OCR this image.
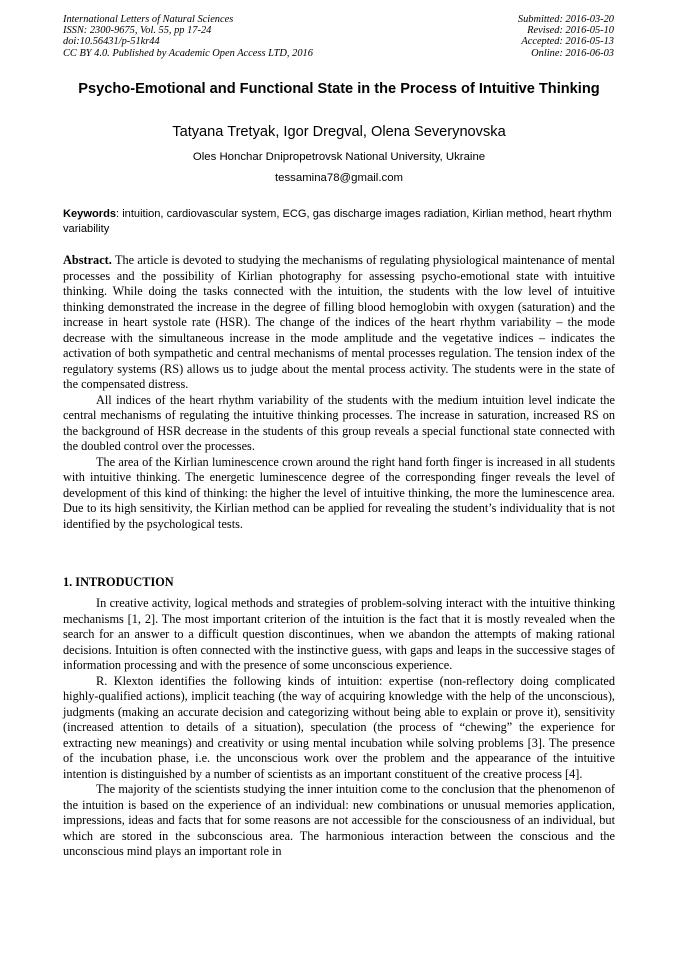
International Letters of Natural Sciences
ISSN: 2300-9675, Vol. 55, pp 17-24
doi:10.56431/p-51kr44
CC BY 4.0. Published by Academic Open Access LTD, 2016
Submitted: 2016-03-20
Revised: 2016-05-10
Accepted: 2016-05-13
Online: 2016-06-03
Psycho-Emotional and Functional State in the Process of Intuitive Thinking
Tatyana Tretyak, Igor Dregval, Olena Severynovska
Oles Honchar Dnipropetrovsk National University, Ukraine
tessamina78@gmail.com
Keywords: intuition, cardiovascular system, ECG, gas discharge images radiation, Kirlian method, heart rhythm variability

Abstract. The article is devoted to studying the mechanisms of regulating physiological maintenance of mental processes and the possibility of Kirlian photography for assessing psycho-emotional state with intuitive thinking. While doing the tasks connected with the intuition, the students with the low level of intuitive thinking demonstrated the increase in the degree of filling blood hemoglobin with oxygen (saturation) and the increase in heart systole rate (HSR). The change of the indices of the heart rhythm variability – the mode decrease with the simultaneous increase in the mode amplitude and the vegetative indices – indicates the activation of both sympathetic and central mechanisms of mental processes regulation. The tension index of the regulatory systems (RS) allows us to judge about the mental process activity. The students were in the state of the compensated distress.

All indices of the heart rhythm variability of the students with the medium intuition level indicate the central mechanisms of regulating the intuitive thinking processes. The increase in saturation, increased RS on the background of HSR decrease in the students of this group reveals a special functional state connected with the doubled control over the processes.

The area of the Kirlian luminescence crown around the right hand forth finger is increased in all students with intuitive thinking. The energetic luminescence degree of the corresponding finger reveals the level of development of this kind of thinking: the higher the level of intuitive thinking, the more the luminescence area. Due to its high sensitivity, the Kirlian method can be applied for revealing the student’s individuality that is not identified by the psychological tests.

1. INTRODUCTION

In creative activity, logical methods and strategies of problem-solving interact with the intuitive thinking mechanisms [1, 2]. The most important criterion of the intuition is the fact that it is mostly revealed when the search for an answer to a difficult question discontinues, when we abandon the attempts of making rational decisions. Intuition is often connected with the instinctive guess, with gaps and leaps in the successive stages of information processing and with the presence of some unconscious experience.

R. Klexton identifies the following kinds of intuition: expertise (non-reflectory doing complicated highly-qualified actions), implicit teaching (the way of acquiring knowledge with the help of the unconscious), judgments (making an accurate decision and categorizing without being able to explain or prove it), sensitivity (increased attention to details of a situation), speculation (the process of “chewing” the experience for extracting new meanings) and creativity or using mental incubation while solving problems [3]. The presence of the incubation phase, i.e. the unconscious work over the problem and the appearance of the intuitive intention is distinguished by a number of scientists as an important constituent of the creative process [4].

The majority of the scientists studying the inner intuition come to the conclusion that the phenomenon of the intuition is based on the experience of an individual: new combinations or unusual memories application, impressions, ideas and facts that for some reasons are not accessible for the consciousness of an individual, but which are stored in the subconscious area. The harmonious interaction between the conscious and the unconscious mind plays an important role in
